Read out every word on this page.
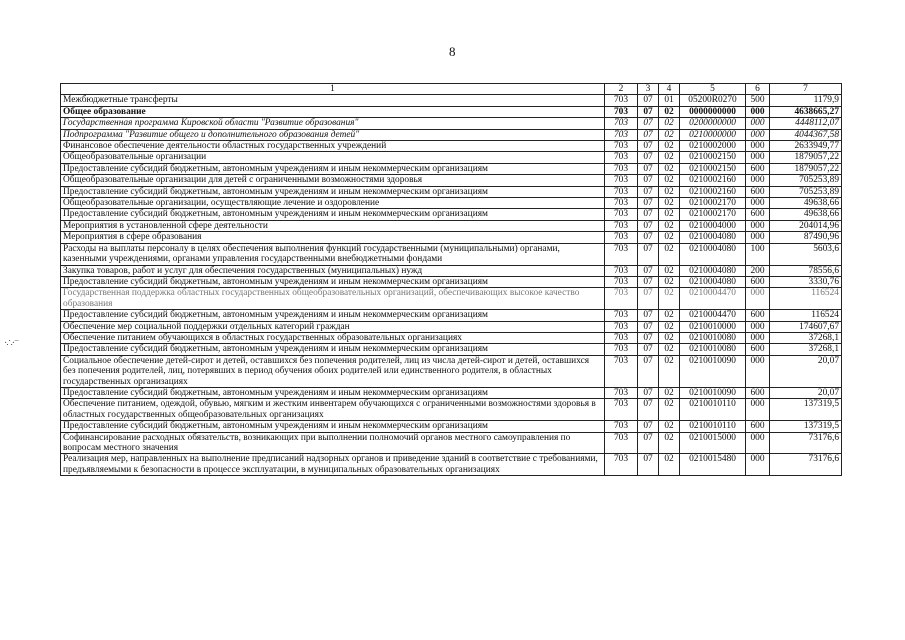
8
·∴·⁻
1	2	3	4	5	6	7
Межбюджетные трансферты	703	07	01	05200R0270	500	1179,9
Общее образование	703	07	02	0000000000	000	4638665,27
Государственная программа Кировской области "Развитие образования"	703	07	02	0200000000	000	4448112,07
Подпрограмма "Развитие общего и дополнительного образования детей"	703	07	02	0210000000	000	4044367,58
Финансовое обеспечение деятельности областных государственных учреждений	703	07	02	0210002000	000	2633949,77
Общеобразовательные организации	703	07	02	0210002150	000	1879057,22
Предоставление субсидий бюджетным, автономным учреждениям и иным некоммерческим организациям	703	07	02	0210002150	600	1879057,22
Общеобразовательные организации для детей с ограниченными возможностями здоровья	703	07	02	0210002160	000	705253,89
Предоставление субсидий бюджетным, автономным учреждениям и иным некоммерческим организациям	703	07	02	0210002160	600	705253,89
Общеобразовательные организации, осуществляющие лечение и оздоровление	703	07	02	0210002170	000	49638,66
Предоставление субсидий бюджетным, автономным учреждениям и иным некоммерческим организациям	703	07	02	0210002170	600	49638,66
Мероприятия в установленной сфере деятельности	703	07	02	0210004000	000	204014,96
Мероприятия в сфере образования	703	07	02	0210004080	000	87490,96
Расходы на выплаты персоналу в целях обеспечения выполнения функций государственными (муниципальными) органами, казенными учреждениями, органами управления государственными внебюджетными фондами	703	07	02	0210004080	100	5603,6
Закупка товаров, работ и услуг для обеспечения государственных (муниципальных) нужд	703	07	02	0210004080	200	78556,6
Предоставление субсидий бюджетным, автономным учреждениям и иным некоммерческим организациям	703	07	02	0210004080	600	3330,76
Государственная поддержка областных государственных общеобразовательных организаций, обеспечивающих высокое качество образования	703	07	02	0210004470	000	116524
Предоставление субсидий бюджетным, автономным учреждениям и иным некоммерческим организациям	703	07	02	0210004470	600	116524
Обеспечение мер социальной поддержки отдельных категорий граждан	703	07	02	0210010000	000	174607,67
Обеспечение питанием обучающихся в областных государственных образовательных организациях	703	07	02	0210010080	000	37268,1
Предоставление субсидий бюджетным, автономным учреждениям и иным некоммерческим организациям	703	07	02	0210010080	600	37268,1
Социальное обеспечение детей-сирот и детей, оставшихся без попечения родителей, лиц из числа детей-сирот и детей, оставшихся без попечения родителей, лиц, потерявших в период обучения обоих родителей или единственного родителя, в областных государственных организациях	703	07	02	0210010090	000	20,07
Предоставление субсидий бюджетным, автономным учреждениям и иным некоммерческим организациям	703	07	02	0210010090	600	20,07
Обеспечение питанием, одеждой, обувью, мягким и жестким инвентарем обучающихся с ограниченными возможностями здоровья в областных государственных общеобразовательных организациях	703	07	02	0210010110	000	137319,5
Предоставление субсидий бюджетным, автономным учреждениям и иным некоммерческим организациям	703	07	02	0210010110	600	137319,5
Софинансирование расходных обязательств, возникающих при выполнении полномочий органов местного самоуправления по вопросам местного значения	703	07	02	0210015000	000	73176,6
Реализация мер, направленных на выполнение предписаний надзорных органов и приведение зданий в соответствие с требованиями, предъявляемыми к безопасности в процессе эксплуатации, в муниципальных образовательных организациях	703	07	02	0210015480	000	73176,6
